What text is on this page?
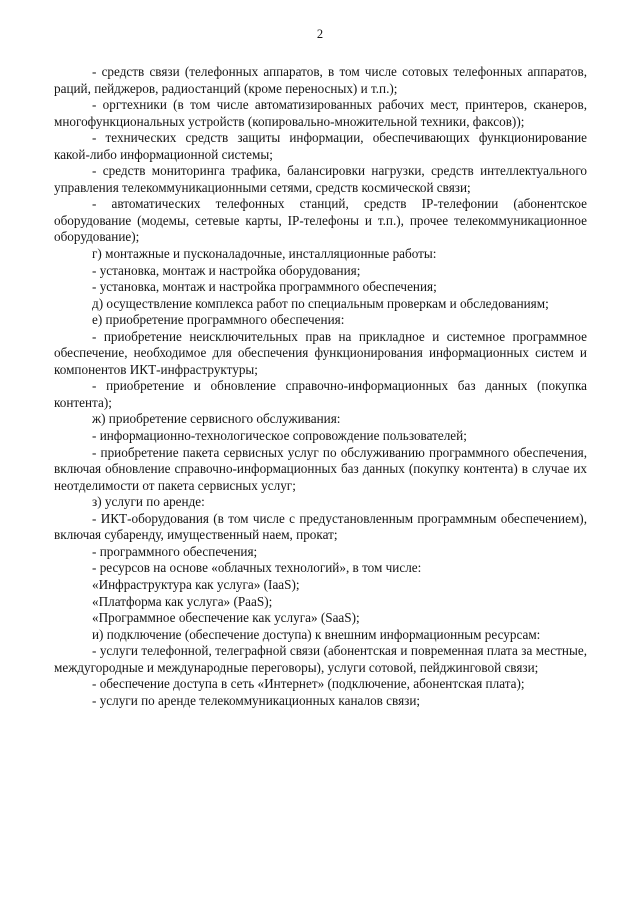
2

- средств связи (телефонных аппаратов, в том числе сотовых телефонных аппаратов, раций, пейджеров, радиостанций (кроме переносных) и т.п.);

- оргтехники (в том числе автоматизированных рабочих мест, принтеров, сканеров, многофункциональных устройств (копировально-множительной техники, факсов));

- технических средств защиты информации, обеспечивающих функционирование какой-либо информационной системы;

- средств мониторинга трафика, балансировки нагрузки, средств интеллектуального управления телекоммуникационными сетями, средств космической связи;

- автоматических телефонных станций, средств IP-телефонии (абонентское оборудование (модемы, сетевые карты, IP-телефоны и т.п.), прочее телекоммуникационное оборудование);

г) монтажные и пусконаладочные, инсталляционные работы:

- установка, монтаж и настройка оборудования;

- установка, монтаж и настройка программного обеспечения;

д) осуществление комплекса работ по специальным проверкам и обследованиям;

е) приобретение программного обеспечения:

- приобретение неисключительных прав на прикладное и системное программное обеспечение, необходимое для обеспечения функционирования информационных систем и компонентов ИКТ-инфраструктуры;

- приобретение и обновление справочно-информационных баз данных (покупка контента);

ж) приобретение сервисного обслуживания:

- информационно-технологическое сопровождение пользователей;

- приобретение пакета сервисных услуг по обслуживанию программного обеспечения, включая обновление справочно-информационных баз данных (покупку контента) в случае их неотделимости от пакета сервисных услуг;

з) услуги по аренде:

- ИКТ-оборудования (в том числе с предустановленным программным обеспечением), включая субаренду, имущественный наем, прокат;

- программного обеспечения;

- ресурсов на основе «облачных технологий», в том числе:

«Инфраструктура как услуга» (IaaS);

«Платформа как услуга» (PaaS);

«Программное обеспечение как услуга» (SaaS);

и) подключение (обеспечение доступа) к внешним информационным ресурсам:

- услуги телефонной, телеграфной связи (абонентская и повременная плата за местные, междугородные и международные переговоры), услуги сотовой, пейджинговой связи;

- обеспечение доступа в сеть «Интернет» (подключение, абонентская плата);

- услуги по аренде телекоммуникационных каналов связи;
